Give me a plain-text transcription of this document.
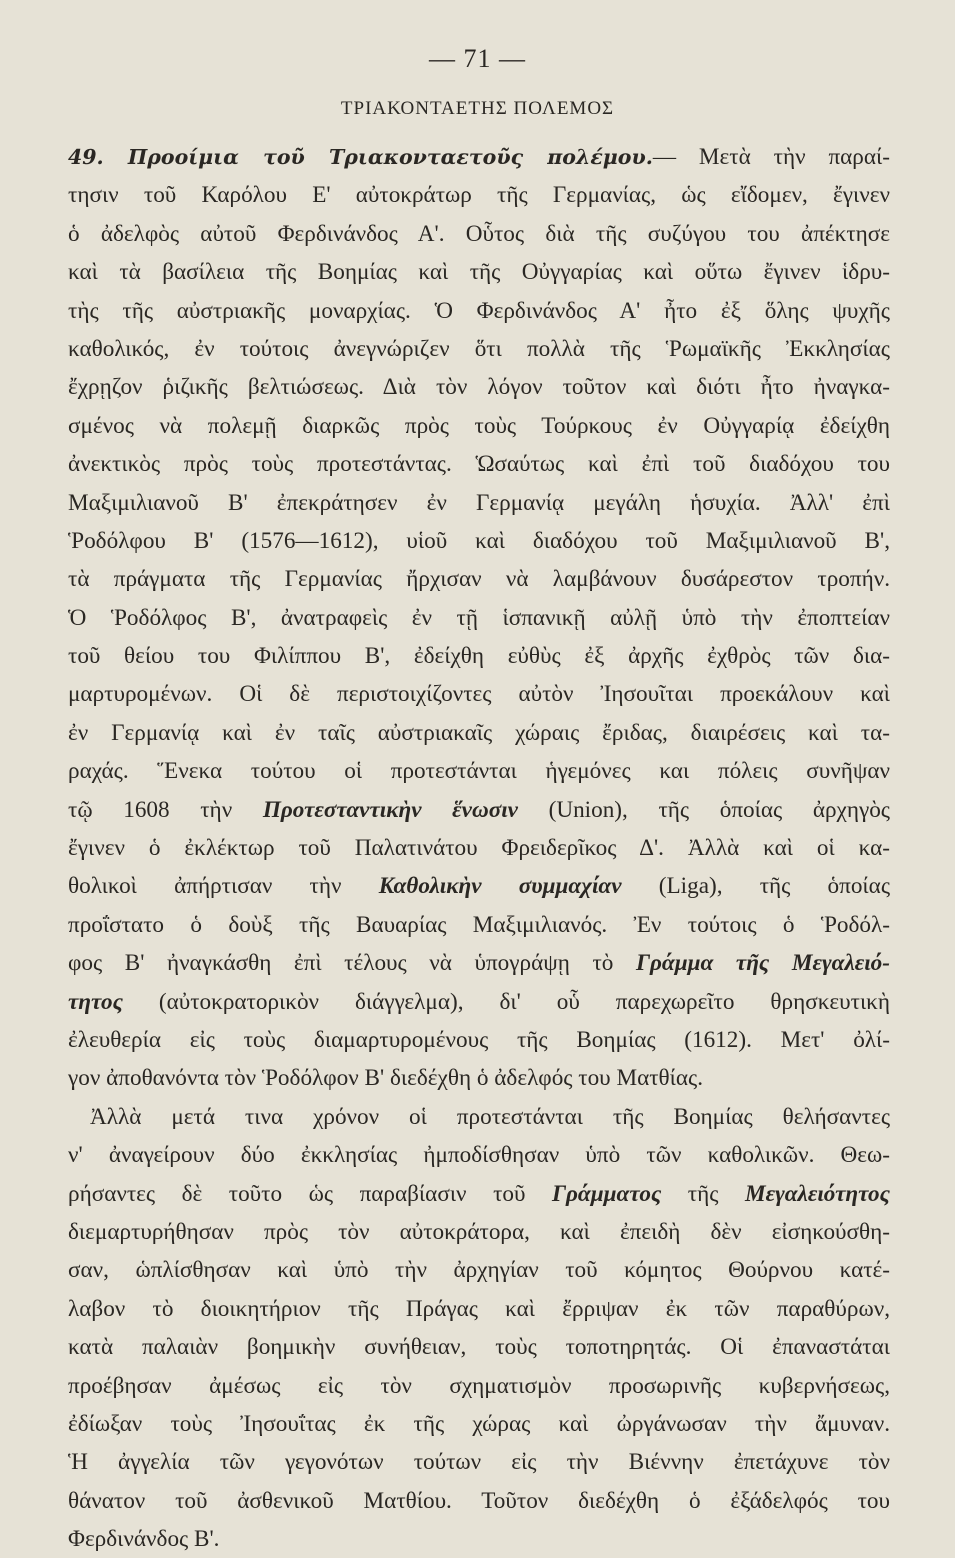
— 71 —
ΤΡΙΑΚΟΝΤΑΕΤΗΣ ΠΟΛΕΜΟΣ
49. Προοίμια τοῦ Τριακονταετοῦς πολέμου.— Μετὰ τὴν παραί-
τησιν τοῦ Καρόλου Ε' αὐτοκράτωρ τῆς Γερμανίας, ὡς εἴδομεν, ἔγινεν
ὁ ἀδελφὸς αὐτοῦ Φερδινάνδος Α'. Οὗτος διὰ τῆς συζύγου του ἀπέκτησε
καὶ τὰ βασίλεια τῆς Βοημίας καὶ τῆς Οὐγγαρίας καὶ οὕτω ἔγινεν ἱδρυ-
τὴς τῆς αὐστριακῆς μοναρχίας. Ὁ Φερδινάνδος Α' ἦτο ἐξ ὅλης ψυχῆς
καθολικός, ἐν τούτοις ἀνεγνώριζεν ὅτι πολλὰ τῆς Ῥωμαϊκῆς Ἐκκλησίας
ἔχρῃζον ῥιζικῆς βελτιώσεως. Διὰ τὸν λόγον τοῦτον καὶ διότι ἦτο ἠναγκα-
σμένος νὰ πολεμῇ διαρκῶς πρὸς τοὺς Τούρκους ἐν Οὐγγαρίᾳ ἐδείχθη
ἀνεκτικὸς πρὸς τοὺς προτεστάντας. Ὡσαύτως καὶ ἐπὶ τοῦ διαδόχου του
Μαξιμιλιανοῦ Β' ἐπεκράτησεν ἐν Γερμανίᾳ μεγάλη ἡσυχία. Ἀλλ' ἐπὶ
Ῥοδόλφου Β' (1576—1612), υἱοῦ καὶ διαδόχου τοῦ Μαξιμιλιανοῦ Β',
τὰ πράγματα τῆς Γερμανίας ἤρχισαν νὰ λαμβάνουν δυσάρεστον τροπήν.
Ὁ Ῥοδόλφος Β', ἀνατραφεὶς ἐν τῇ ἱσπανικῇ αὐλῇ ὑπὸ τὴν ἐποπτείαν
τοῦ θείου του Φιλίππου Β', ἐδείχθη εὐθὺς ἐξ ἀρχῆς ἐχθρὸς τῶν δια-
μαρτυρομένων. Οἱ δὲ περιστοιχίζοντες αὐτὸν Ἰησουῖται προεκάλουν καὶ
ἐν Γερμανίᾳ καὶ ἐν ταῖς αὐστριακαῖς χώραις ἔριδας, διαιρέσεις καὶ τα-
ραχάς. Ἕνεκα τούτου οἱ προτεστάνται ἡγεμόνες και πόλεις συνῆψαν
τῷ 1608 τὴν Προτεσταντικὴν ἕνωσιν (Union), τῆς ὁποίας ἀρχηγὸς
ἔγινεν ὁ ἐκλέκτωρ τοῦ Παλατινάτου Φρειδερῖκος Δ'. Ἀλλὰ καὶ οἱ κα-
θολικοὶ ἀπήρτισαν τὴν Καθολικὴν συμμαχίαν (Liga), τῆς ὁποίας
προΐστατο ὁ δοὺξ τῆς Βαυαρίας Μαξιμιλιανός. Ἐν τούτοις ὁ Ῥοδόλ-
φος Β' ἠναγκάσθη ἐπὶ τέλους νὰ ὑπογράψῃ τὸ Γράμμα τῆς Μεγαλειό-
τητος (αὐτοκρατορικὸν διάγγελμα), δι' οὗ παρεχωρεῖτο θρησκευτικὴ
ἐλευθερία εἰς τοὺς διαμαρτυρομένους τῆς Βοημίας (1612). Μετ' ὀλί-
γον ἀποθανόντα τὸν Ῥοδόλφον Β' διεδέχθη ὁ ἀδελφός του Ματθίας.
Ἀλλὰ μετά τινα χρόνον οἱ προτεστάνται τῆς Βοημίας θελήσαντες
ν' ἀναγείρουν δύο ἐκκλησίας ἠμποδίσθησαν ὑπὸ τῶν καθολικῶν. Θεω-
ρήσαντες δὲ τοῦτο ὡς παραβίασιν τοῦ Γράμματος τῆς Μεγαλειότητος
διεμαρτυρήθησαν πρὸς τὸν αὐτοκράτορα, καὶ ἐπειδὴ δὲν εἰσηκούσθη-
σαν, ὡπλίσθησαν καὶ ὑπὸ τὴν ἀρχηγίαν τοῦ κόμητος Θούρνου κατέ-
λαβον τὸ διοικητήριον τῆς Πράγας καὶ ἔρριψαν ἐκ τῶν παραθύρων,
κατὰ παλαιὰν βοημικὴν συνήθειαν, τοὺς τοποτηρητάς. Οἱ ἐπαναστάται
προέβησαν ἀμέσως εἰς τὸν σχηματισμὸν προσωρινῆς κυβερνήσεως,
ἐδίωξαν τοὺς Ἰησουΐτας ἐκ τῆς χώρας καὶ ὠργάνωσαν τὴν ἄμυναν.
Ἡ ἀγγελία τῶν γεγονότων τούτων εἰς τὴν Βιέννην ἐπετάχυνε τὸν
θάνατον τοῦ ἀσθενικοῦ Ματθίου. Τοῦτον διεδέχθη ὁ ἐξάδελφός του
Φερδινάνδος Β'.
